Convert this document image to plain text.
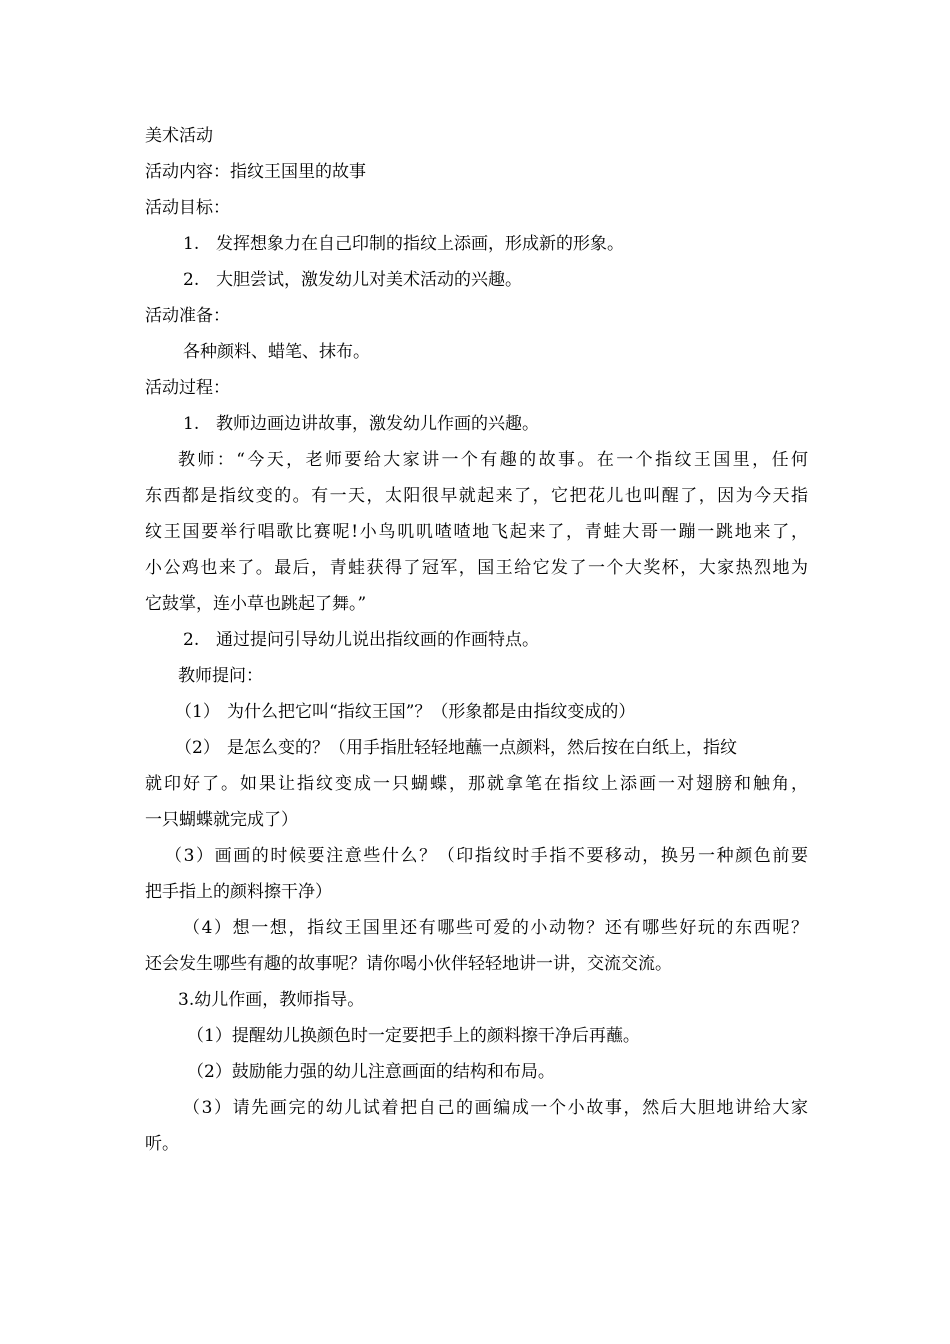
美术活动
活动内容：指纹王国里的故事
活动目标：
1. 发挥想象力在自己印制的指纹上添画，形成新的形象。
2. 大胆尝试，激发幼儿对美术活动的兴趣。
活动准备：
各种颜料、蜡笔、抹布。
活动过程：
1. 教师边画边讲故事，激发幼儿作画的兴趣。
教师：“今天，老师要给大家讲一个有趣的故事。在一个指纹王国里，任何
东西都是指纹变的。有一天，太阳很早就起来了，它把花儿也叫醒了，因为今天指
纹王国要举行唱歌比赛呢!小鸟叽叽喳喳地飞起来了，青蛙大哥一蹦一跳地来了，
小公鸡也来了。最后，青蛙获得了冠军，国王给它发了一个大奖杯，大家热烈地为
它鼓掌，连小草也跳起了舞。”
2. 通过提问引导幼儿说出指纹画的作画特点。
教师提问：
（1） 为什么把它叫“指纹王国”？（形象都是由指纹变成的）
（2） 是怎么变的？（用手指肚轻轻地蘸一点颜料，然后按在白纸上，指纹
就印好了。如果让指纹变成一只蝴蝶，那就拿笔在指纹上添画一对翅膀和触角，
一只蝴蝶就完成了）
（3）画画的时候要注意些什么？（印指纹时手指不要移动，换另一种颜色前要
把手指上的颜料擦干净）
（4）想一想，指纹王国里还有哪些可爱的小动物？还有哪些好玩的东西呢？
还会发生哪些有趣的故事呢？请你喝小伙伴轻轻地讲一讲，交流交流。
3.幼儿作画，教师指导。
（1）提醒幼儿换颜色时一定要把手上的颜料擦干净后再蘸。
（2）鼓励能力强的幼儿注意画面的结构和布局。
（3）请先画完的幼儿试着把自己的画编成一个小故事，然后大胆地讲给大家
听。
